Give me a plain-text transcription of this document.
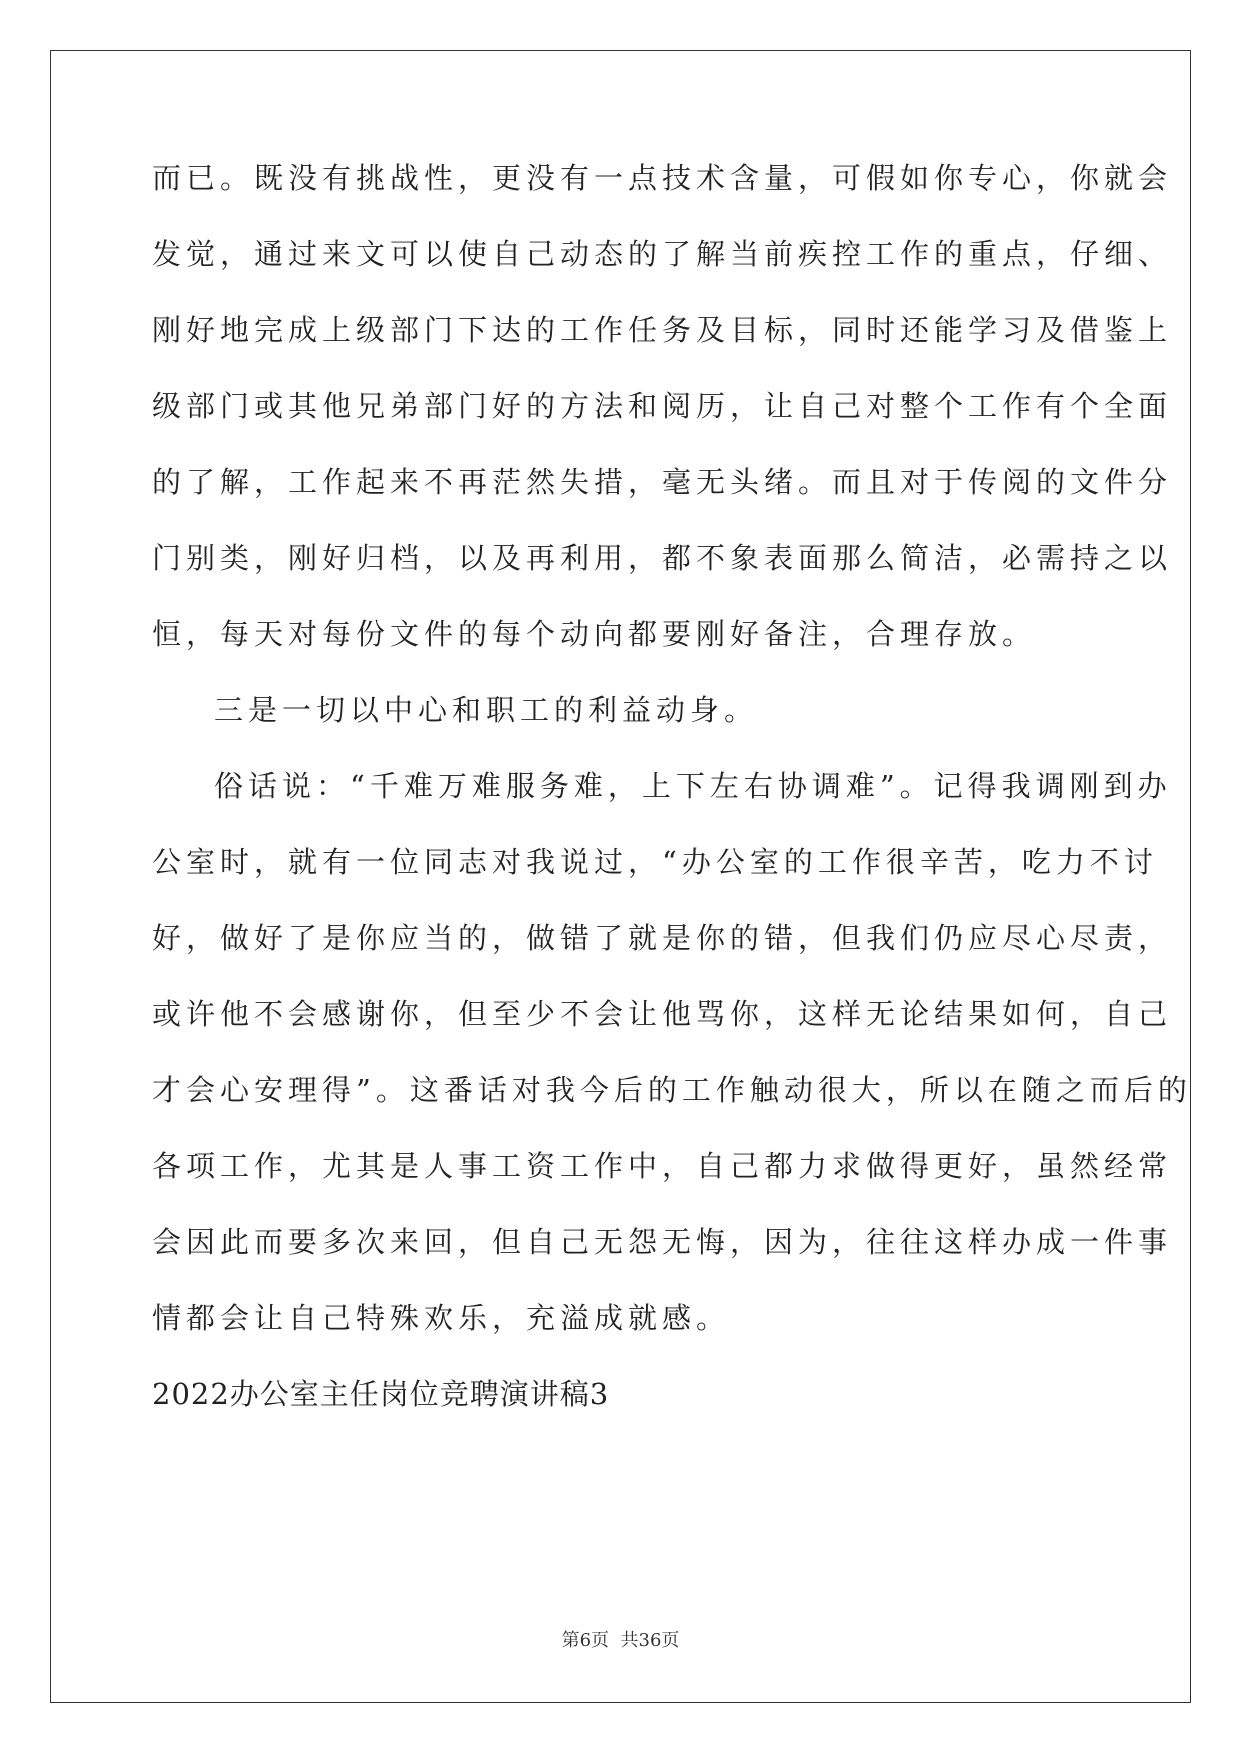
而已。既没有挑战性，更没有一点技术含量，可假如你专心，你就会
发觉，通过来文可以使自己动态的了解当前疾控工作的重点，仔细、
刚好地完成上级部门下达的工作任务及目标，同时还能学习及借鉴上
级部门或其他兄弟部门好的方法和阅历，让自己对整个工作有个全面
的了解，工作起来不再茫然失措，毫无头绪。而且对于传阅的文件分
门别类，刚好归档，以及再利用，都不象表面那么简洁，必需持之以
恒，每天对每份文件的每个动向都要刚好备注，合理存放。
三是一切以中心和职工的利益动身。
俗话说：“千难万难服务难，上下左右协调难”。记得我调刚到办
公室时，就有一位同志对我说过，“办公室的工作很辛苦，吃力不讨
好，做好了是你应当的，做错了就是你的错，但我们仍应尽心尽责，
或许他不会感谢你，但至少不会让他骂你，这样无论结果如何，自己
才会心安理得”。这番话对我今后的工作触动很大，所以在随之而后的
各项工作，尤其是人事工资工作中，自己都力求做得更好，虽然经常
会因此而要多次来回，但自己无怨无悔，因为，往往这样办成一件事
情都会让自己特殊欢乐，充溢成就感。
2022办公室主任岗位竞聘演讲稿3
第6页  共36页
